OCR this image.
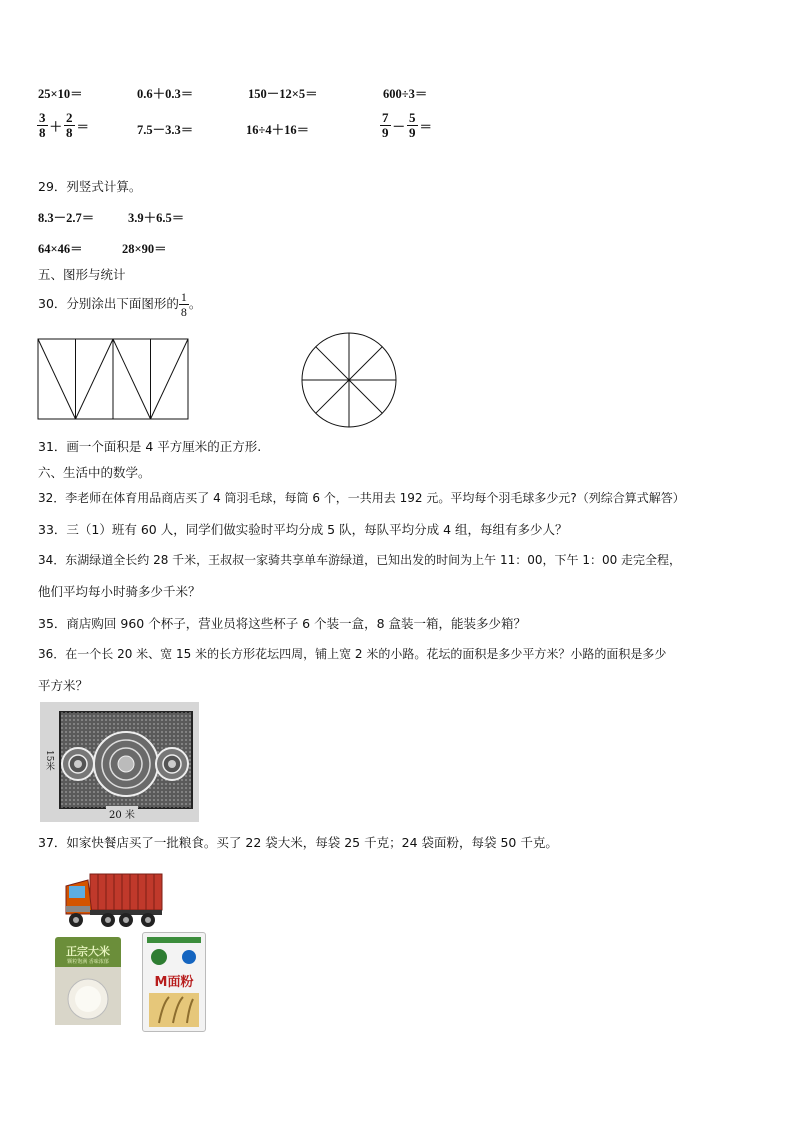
25×10＝	0.6＋0.3＝	150－12×5＝	600÷3＝
$\frac{3}{8} + \frac{2}{8}$ ＝	7.5－3.3＝	16÷4＋16＝	$\frac{7}{9} - \frac{5}{9}$ ＝
29．列竖式计算。
8.3－2.7＝	3.9＋6.5＝
64×46＝	28×90＝
五、图形与统计
30．分别涂出下面图形的 $\frac{1}{8}$ 。
31．画一个面积是 4 平方厘米的正方形.
六、生活中的数学。
32．李老师在体育用品商店买了 4 筒羽毛球，每筒 6 个，一共用去 192 元。平均每个羽毛球多少元?（列综合算式解答）
33．三（1）班有 60 人，同学们做实验时平均分成 5 队，每队平均分成 4 组，每组有多少人？
34．东湖绿道全长约 28 千米，王叔叔一家骑共享单车游绿道，已知出发的时间为上午 11：00，下午 1：00 走完全程，
他们平均每小时骑多少千米？
35．商店购回 960 个杯子，营业员将这些杯子 6 个装一盒，8 盒装一箱，能装多少箱？
36．在一个长 20 米、宽 15 米的长方形花坛四周，铺上宽 2 米的小路。花坛的面积是多少平方米？小路的面积是多少
平方米？
20 米
15米
37．如家快餐店买了一批粮食。买了 22 袋大米，每袋 25 千克；24 袋面粉，每袋 50 千克。
正宗大米
颗粒饱满 香味浓郁
M面粉
